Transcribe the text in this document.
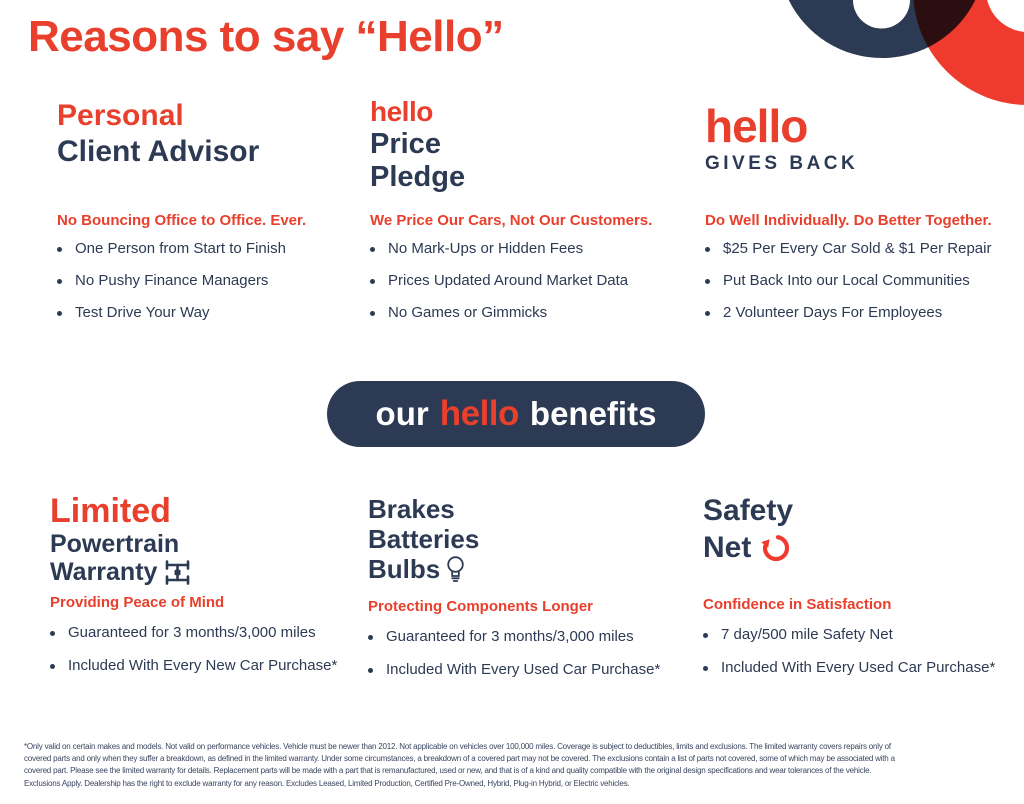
Reasons to say “Hello”
Personal
Client Advisor

No Bouncing Office to Office. Ever.

One Person from Start to Finish
No Pushy Finance Managers
Test Drive Your Way
hello
Price
Pledge

We Price Our Cars, Not Our Customers.

No Mark-Ups or Hidden Fees
Prices Updated Around Market Data
No Games or Gimmicks
hello
GIVES BACK

Do Well Individually. Do Better Together.

$25 Per Every Car Sold & $1 Per Repair
Put Back Into our Local Communities
2 Volunteer Days For Employees
our hello benefits
Limited
Powertrain
Warranty

Providing Peace of Mind

Guaranteed for 3 months/3,000 miles
Included With Every New Car Purchase*
Brakes
Batteries
Bulbs

Protecting Components Longer

Guaranteed for 3 months/3,000 miles
Included With Every Used Car Purchase*
Safety
Net

Confidence in Satisfaction

7 day/500 mile Safety Net
Included With Every Used Car Purchase*
*Only valid on certain makes and models. Not valid on performance vehicles. Vehicle must be newer than 2012. Not applicable on vehicles over 100,000 miles. Coverage is subject to deductibles, limits and exclusions. The limited warranty covers repairs only of
covered parts and only when they suffer a breakdown, as defined in the limited warranty. Under some circumstances, a breakdown of a covered part may not be covered. The exclusions contain a list of parts not covered, some of which may be associated with a
covered part. Please see the limited warranty for details. Replacement parts will be made with a part that is remanufactured, used or new, and that is of a kind and quality compatible with the original design specifications and wear tolerances of the vehicle.
Exclusions Apply. Dealership has the right to exclude warranty for any reason. Excludes Leased, Limited Production, Certified Pre-Owned, Hybrid, Plug-in Hybrid, or Electric vehicles.
